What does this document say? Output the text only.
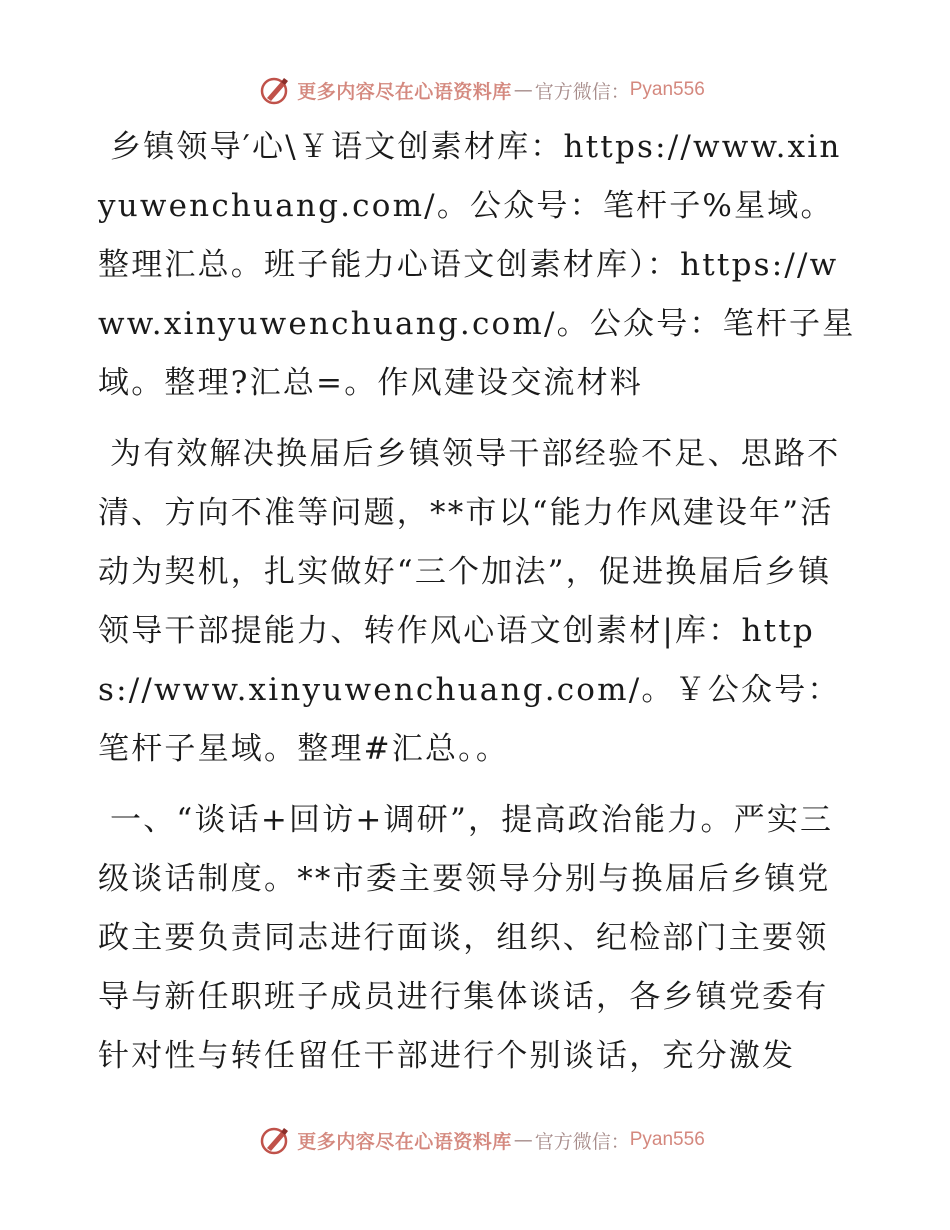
更多内容尽在心语资料库 — 官方微信： Pyan556

乡镇领导′心\￥语文创素材库：https://www.xinyuwenchuang.com/。公众号：笔杆子%星域。整理汇总。班子能力心语文创素材库）：https://www.xinyuwenchuang.com/。公众号：笔杆子星域。整理?汇总=。作风建设交流材料

为有效解决换届后乡镇领导干部经验不足、思路不清、方向不准等问题，**市以“能力作风建设年”活动为契机，扎实做好“三个加法”，促进换届后乡镇领导干部提能力、转作风心语文创素材|库：https://www.xinyuwenchuang.com/。￥公众号：笔杆子星域。整理#汇总。。

一、“谈话+回访+调研”，提高政治能力。严实三级谈话制度。**市委主要领导分别与换届后乡镇党政主要负责同志进行面谈，组织、纪检部门主要领导与新任职班子成员进行集体谈话，各乡镇党委有针对性与转任留任干部进行个别谈话，充分激发

更多内容尽在心语资料库 — 官方微信： Pyan556
